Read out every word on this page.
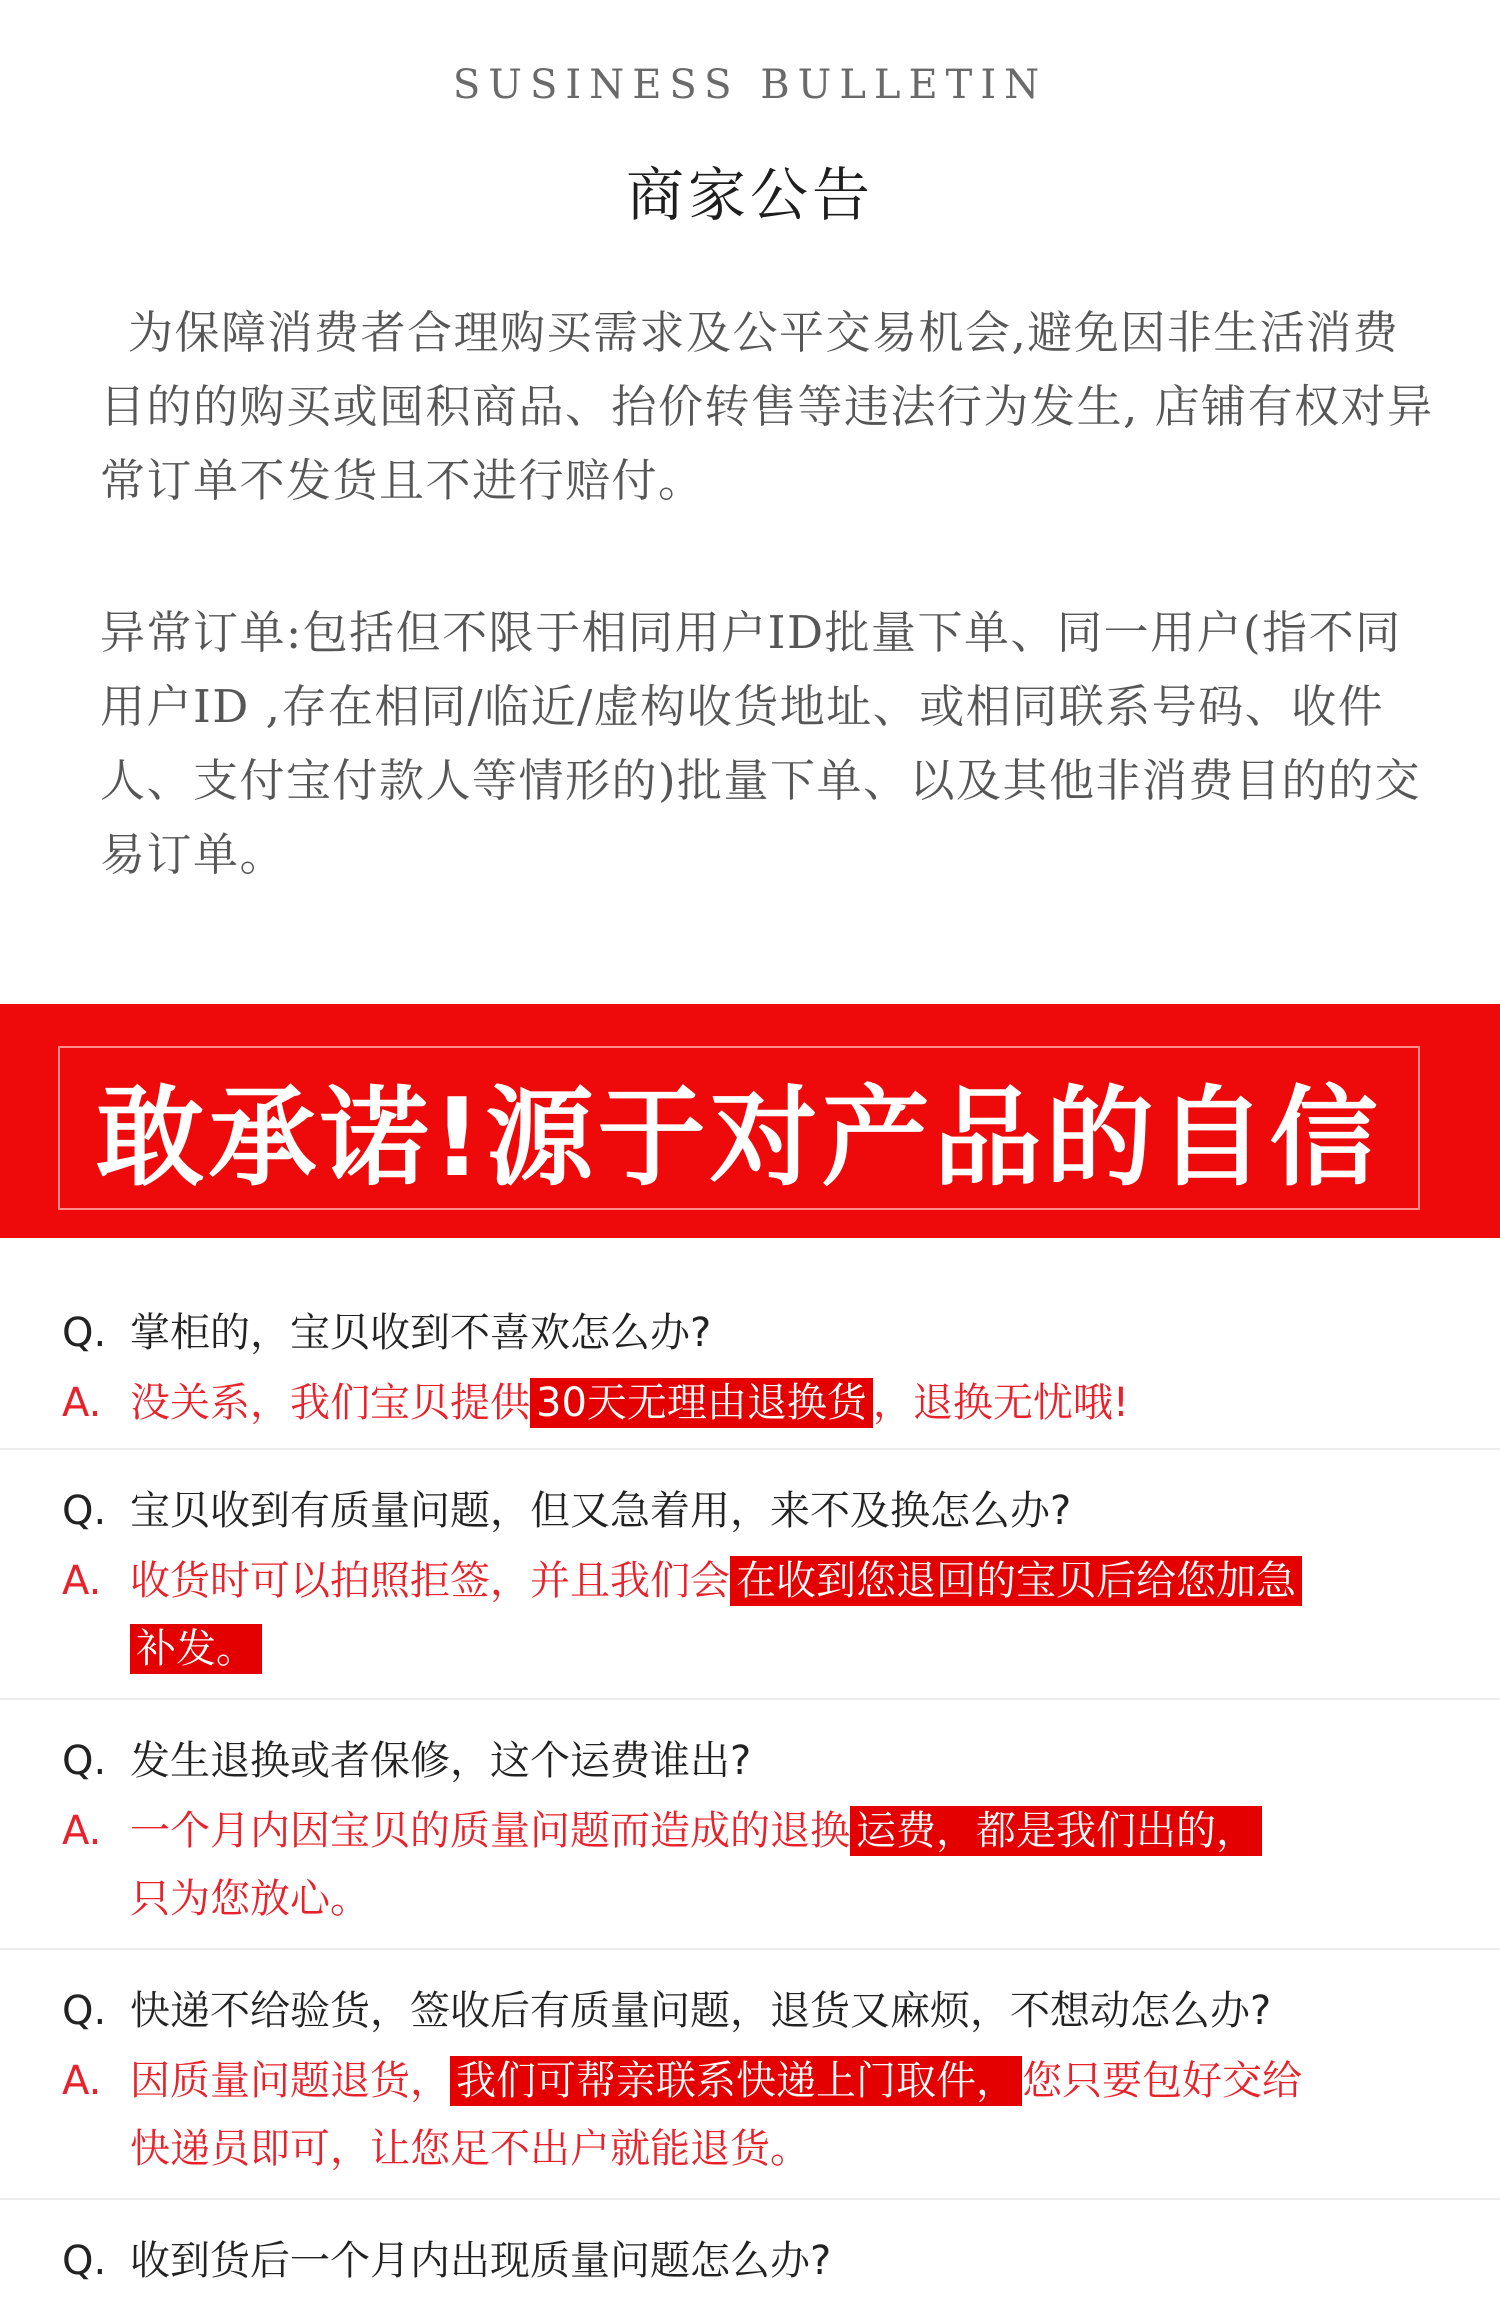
SUSINESS BULLETIN
商家公告

为保障消费者合理购买需求及公平交易机会,避免因非生活消费目的的购买或囤积商品、抬价转售等违法行为发生, 店铺有权对异常订单不发货且不进行赔付。

异常订单:包括但不限于相同用户ID批量下单、同一用户(指不同用户ID ,存在相同/临近/虚构收货地址、或相同联系号码、收件人、支付宝付款人等情形的)批量下单、以及其他非消费目的的交易订单。

敢承诺!源于对产品的自信
Q. 掌柜的，宝贝收到不喜欢怎么办?
A. 没关系，我们宝贝提供 30天无理由退换货 ，退换无忧哦!
Q. 宝贝收到有质量问题，但又急着用，来不及换怎么办?
A. 收货时可以拍照拒签，并且我们会 在收到您退回的宝贝后给您加急
补发。
Q. 发生退换或者保修，这个运费谁出?
A. 一个月内因宝贝的质量问题而造成的退换 运费，都是我们出的，
只为您放心。
Q. 快递不给验货，签收后有质量问题，退货又麻烦，不想动怎么办?
A. 因质量问题退货， 我们可帮亲联系快递上门取件， 您只要包好交给
快递员即可，让您足不出户就能退货。
Q. 收到货后一个月内出现质量问题怎么办?
